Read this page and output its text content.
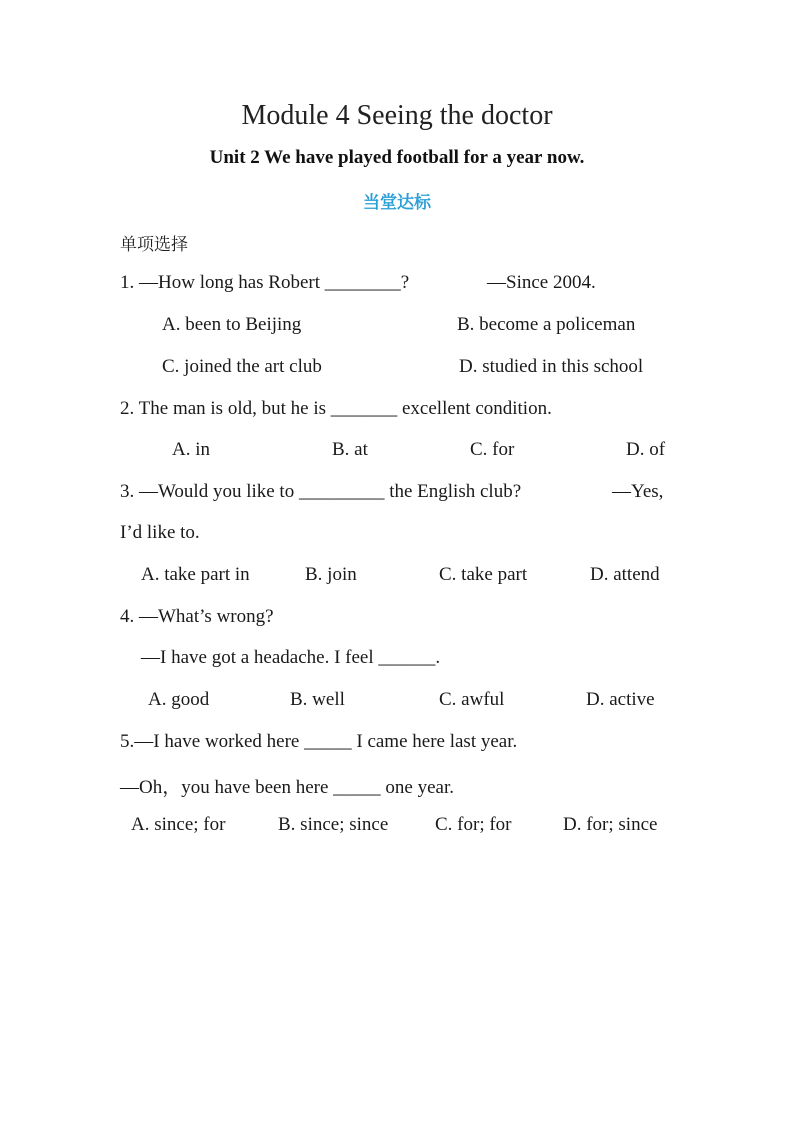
Module 4 Seeing the doctor
Unit 2 We have played football for a year now.
当堂达标
单项选择
1. —How long has Robert ________?	—Since 2004.
A. been to Beijing	B. become a policeman
C. joined the art club	D. studied in this school
2. The man is old, but he is _______ excellent condition.
A. in	B. at	C. for	D. of
3. —Would you like to _________ the English club?	—Yes,
I’d like to.
A. take part in	B. join	C. take part	D. attend
4. —What’s wrong?
—I have got a headache. I feel ______.
A. good	B. well	C. awful	D. active
5.—I have worked here _____ I came here last year.
—Oh，you have been here _____ one year.
A. since; for	B. since; since C. for; for	D. for; since
